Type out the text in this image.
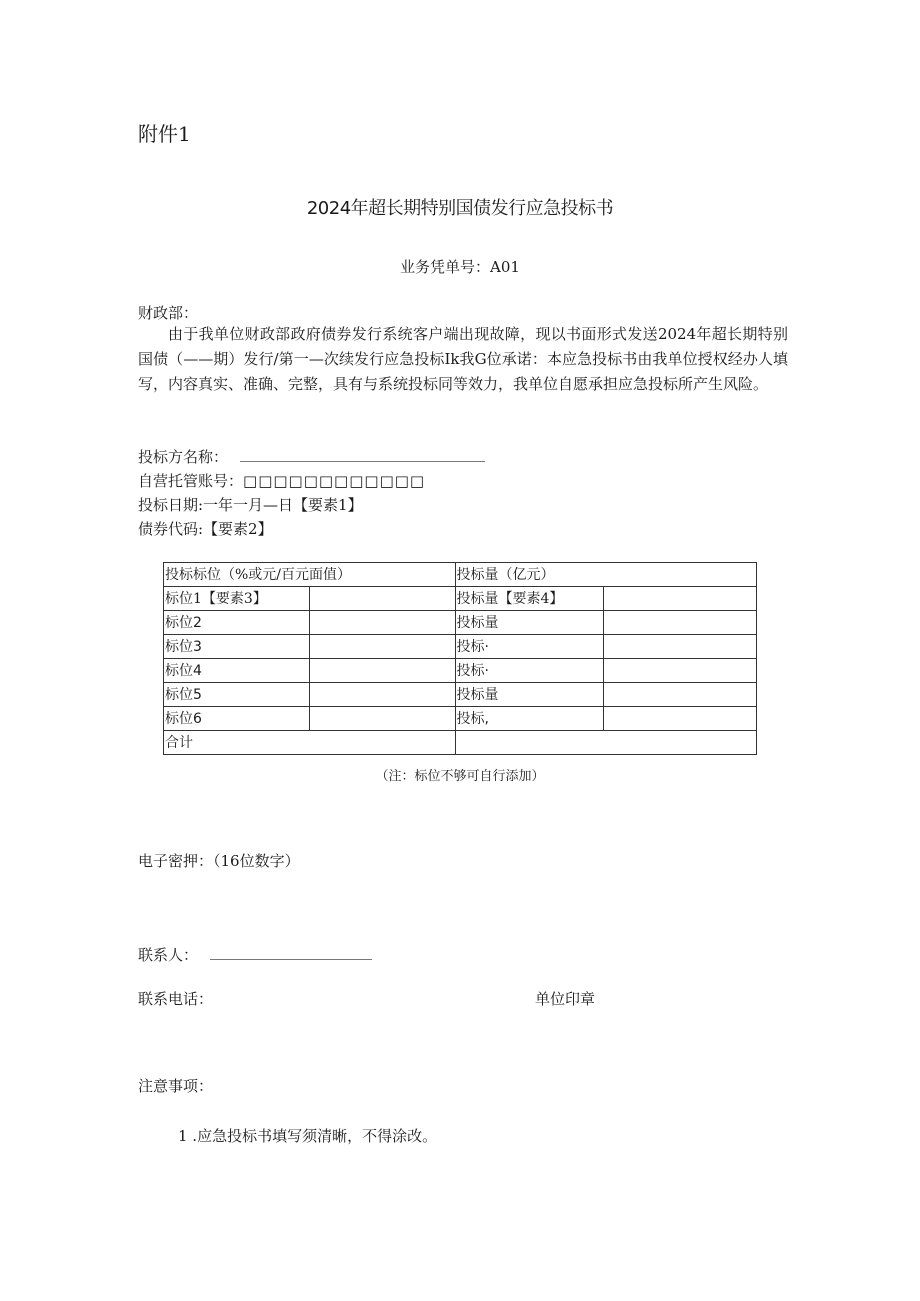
附件1
2024年超长期特别国债发行应急投标书
业务凭单号：A01
财政部：
由于我单位财政部政府债券发行系统客户端出现故障，现以书面形式发送2024年超长期特别国债（——期）发行/第一—次续发行应急投标Ik我G位承诺：本应急投标书由我单位授权经办人填写，内容真实、准确、完整，具有与系统投标同等效力，我单位自愿承担应急投标所产生风险。
投标方名称：
自营托管账号：□□□□□□□□□□□□
投标日期:一年一月—日【要素1】
债券代码:【要素2】
投标标位（%或元/百元面值）		投标量（亿元）	
标位1【要素3】		投标量【要素4】	
标位2		投标量	
标位3		投标·	
标位4		投标·	
标位5		投标量	
标位6		投标,	
合计			
（注：标位不够可自行添加）
电子密押：（16位数字）
联系人：
联系电话：	单位印章
注意事项：
1 .应急投标书填写须清晰，不得涂改。
